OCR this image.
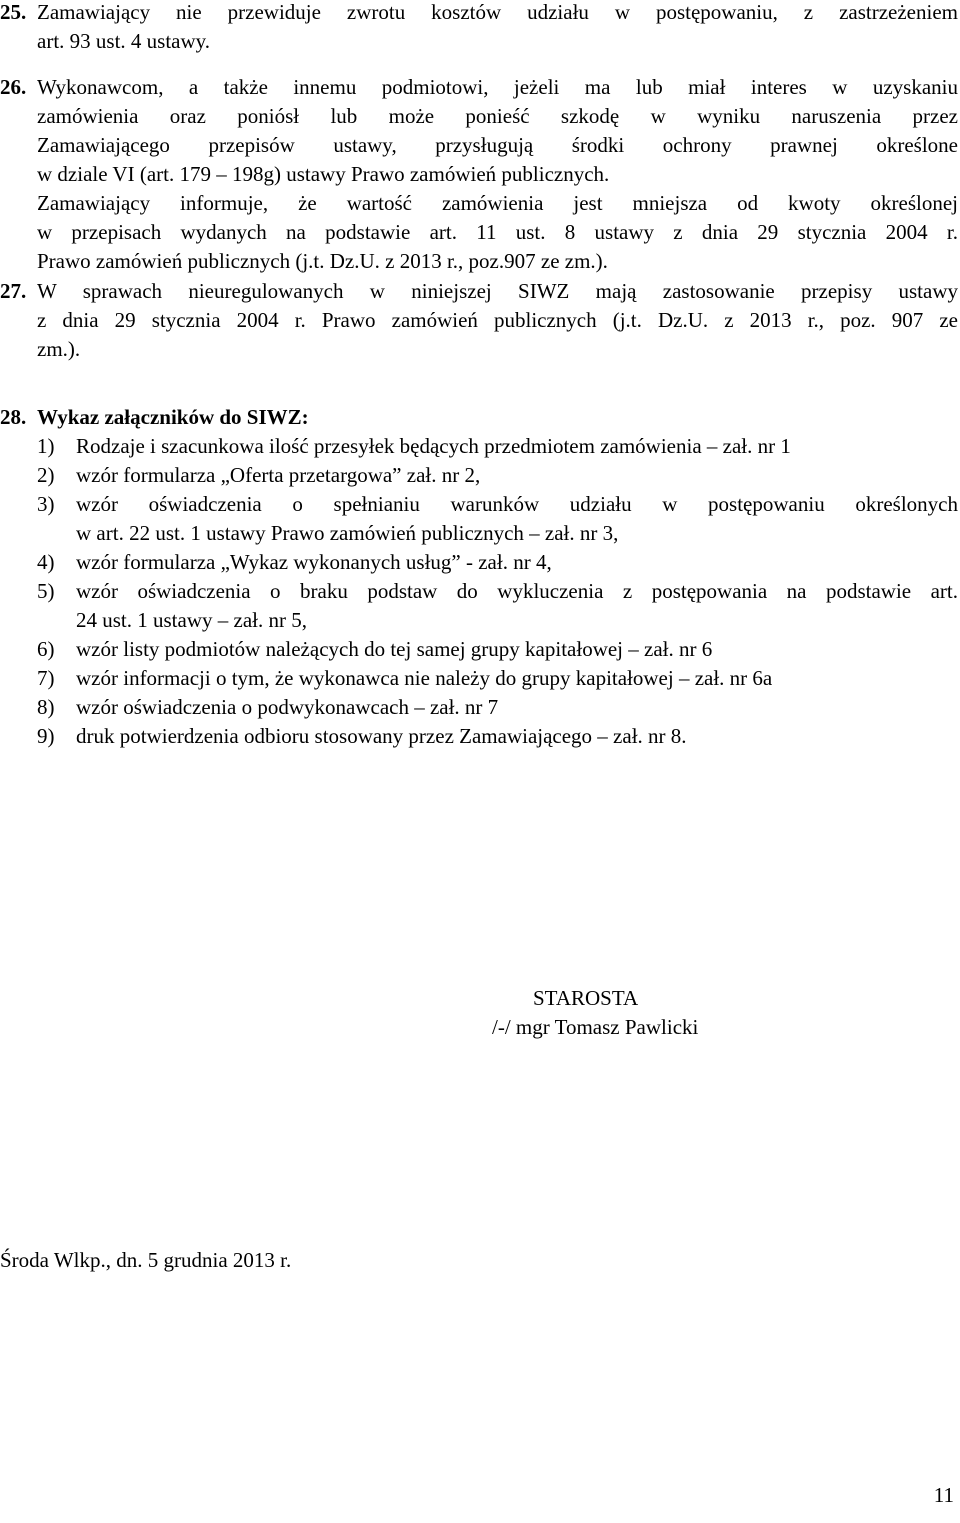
25. Zamawiający nie przewiduje zwrotu kosztów udziału w postępowaniu, z zastrzeżeniem
art. 93 ust. 4 ustawy.
26. Wykonawcom, a także innemu podmiotowi, jeżeli ma lub miał interes w uzyskaniu
zamówienia oraz poniósł lub może ponieść szkodę w wyniku naruszenia przez
Zamawiającego przepisów ustawy, przysługują środki ochrony prawnej określone
w dziale VI (art. 179 – 198g) ustawy Prawo zamówień publicznych.
Zamawiający informuje, że wartość zamówienia jest mniejsza od kwoty określonej
w przepisach wydanych na podstawie art. 11 ust. 8 ustawy z dnia 29 stycznia 2004 r.
Prawo zamówień publicznych (j.t. Dz.U. z 2013 r., poz.907 ze zm.).
27. W sprawach nieuregulowanych w niniejszej SIWZ mają zastosowanie przepisy ustawy
z dnia 29 stycznia 2004 r. Prawo zamówień publicznych (j.t. Dz.U. z 2013 r., poz. 907 ze
zm.).
28. Wykaz załączników do SIWZ:
1) Rodzaje i szacunkowa ilość przesyłek będących przedmiotem zamówienia – zał. nr 1
2) wzór formularza „Oferta przetargowa” zał. nr 2,
3) wzór oświadczenia o spełnianiu warunków udziału w postępowaniu określonych
w art. 22 ust. 1 ustawy Prawo zamówień publicznych – zał. nr 3,
4) wzór formularza „Wykaz wykonanych usług” - zał. nr 4,
5) wzór oświadczenia o braku podstaw do wykluczenia z postępowania na podstawie art.
24 ust. 1 ustawy – zał. nr 5,
6) wzór listy podmiotów należących do tej samej grupy kapitałowej – zał. nr 6
7) wzór informacji o tym, że wykonawca nie należy do grupy kapitałowej – zał. nr 6a
8) wzór oświadczenia o podwykonawcach – zał. nr 7
9) druk potwierdzenia odbioru stosowany przez Zamawiającego – zał. nr 8.
STAROSTA
/-/ mgr Tomasz Pawlicki
Środa Wlkp., dn. 5 grudnia 2013 r.
11
